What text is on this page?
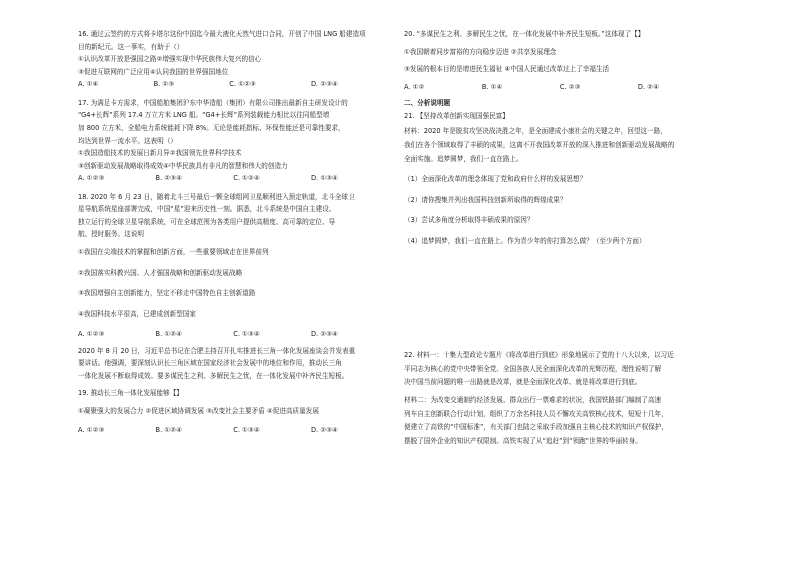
16. 通过云签约的方式将卡塔尔这份中国迄今最大液化天然气进口合同，开创了中国 LNG 船建造项

目的新纪元。这一事实，有助于（）

①认识改革开放是强国之路②增强实现中华民族伟大复兴的信心

③促进互联网的广泛应用④认同我国的世界强国地位

A. ①④	B. ②③	C. ①②③	D. ②③④

17. 为满足卡方需求，中国船舶集团沪东中华造船（集团）有限公司推出最新自主研发设计的

“G4+长辉”系列 17.4 万立方米 LNG 船。“G4+长辉”系列装载能力相比以往同船型增

加 800 立方米，全船电力系统能耗下降 8%。无论是能耗指标、环保性能还是可靠性要求，

均达到世界一流水平。这表明（）

①我国造船技术的发展日新月异②我国领先世界科学技术

③创新驱动发展战略取得成效④中华民族具有非凡的智慧和伟大的创造力

A. ①②③	B. ②③④	C. ①②④	D. ①③④

18. 2020 年 6 月 23 日，随着北斗三号最后一颗全球组网卫星顺利进入预定轨道，北斗全球卫

星导航系统星座部署完成，中国“星”迎来历史性一刻。据悉，北斗系统是中国自主建设、

独立运行的全球卫星导航系统，可在全球范围为各类用户提供高精度、高可靠的定位、导

航、授时服务。这说明

①我国在尖端技术的掌握和创新方面，一些重要领域走在世界前列

②我国落实科教兴国、人才强国战略和创新驱动发展战略

③我国增强自主创新能力，坚定不移走中国特色自主创新道路

④我国科技水平很高，已建成创新型国家

A. ①②③	B. ①②④	C. ①③④	D. ②③④

2020 年 8 月 20 日，习近平总书记在合肥主持召开扎实推进长三角一体化发展座谈会并发表重

要讲话。他强调，要深刻认识长三角区域在国家经济社会发展中的地位和作用，推动长三角

一体化发展不断取得成效。要多谋民生之利、多解民生之忧，在一体化发展中补齐民生短板。

19. 推动长三角一体化发展能够【】

①凝聚强大的发展合力 ②促进区域协调发展 ③改变社会主要矛盾 ④促进高质量发展

A. ①②③	B. ①②④	C. ①③④	D. ②③④

20. “多谋民生之利、多解民生之忧，在一体化发展中补齐民生短板。”这体现了【】

①我国朝着同步富裕的方向稳步迈进 ②共享发展理念

③发展的根本目的是增进民生福祉 ④中国人民通过改革过上了幸福生活

A. ①②	B. ①④	C. ②③	D. ②④

二、分析说明题

21. 【坚持改革创新实现国强民富】

材料：2020 年是脱贫攻坚决战决胜之年，是全面建成小康社会的关键之年，回望这一路，

我们在各个领域取得了丰硕的成果，这离不开我国改革开放的深入推进和创新驱动发展战略的

全面实施。追梦圆梦，我们一直在路上。

（1）全面深化改革的理念体现了党和政府什么样的发展思想？

（2）请你搜集并列出我国科技创新所取得的辉煌成果？

（3）尝试多角度分析取得丰硕成果的原因？

（4）追梦圆梦，我们一直在路上。作为青少年的你打算怎么做？（至少两个方面）

22. 材料一：十集大型政论专题片《将改革进行到底》形象地展示了党的十八大以来，以习近

平同志为核心的党中央带领全党、全国各族人民全面深化改革的光辉历程，理性说明了解

决中国当前问题的唯一出路就是改革，就是全面深化改革、就是将改革进行到底。

材料二：为改变交通制约经济发展、群众出行一票难求的状况，我国铁路部门编制了高速

列车自主创新联合行动计划，组织了万余名科技人员不懈攻关高铁核心技术，短短十几年，

便建立了高铁的“中国标准”，有关部门也陆之采取手段加强自主核心技术的知识产权保护，

摆脱了国外企业的知识产权限制。高铁实现了从“追赶”到“领跑”世界的华丽转身。
